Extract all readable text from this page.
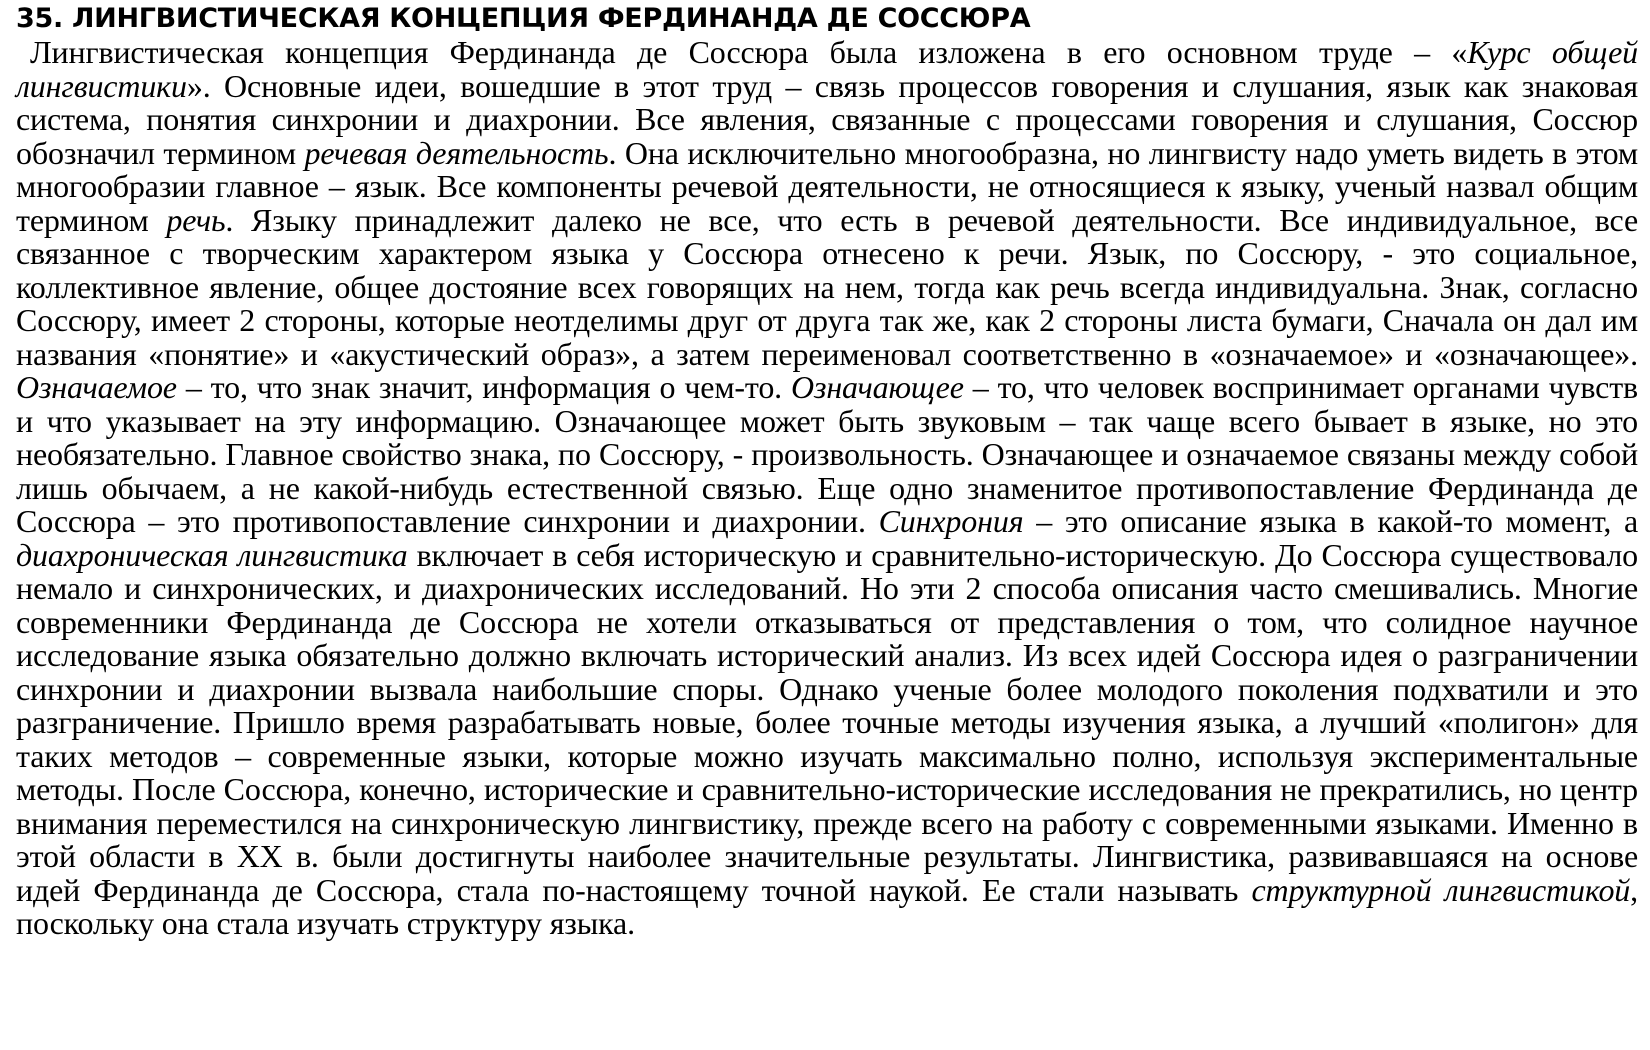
35. ЛИНГВИСТИЧЕСКАЯ КОНЦЕПЦИЯ ФЕРДИНАНДА ДЕ СОССЮРА

Лингвистическая концепция Фердинанда де Соссюра была изложена в его основном труде – «Курс общей лингвистики». Основные идеи, вошедшие в этот труд – связь процессов говорения и слушания, язык как знаковая система, понятия синхронии и диахронии. Все явления, связанные с процессами говорения и слушания, Соссюр обозначил термином речевая деятельность. Она исключительно многообразна, но лингвисту надо уметь видеть в этом многообразии главное – язык. Все компоненты речевой деятельности, не относящиеся к языку, ученый назвал общим термином речь. Языку принадлежит далеко не все, что есть в речевой деятельности. Все индивидуальное, все связанное с творческим характером языка у Соссюра отнесено к речи. Язык, по Соссюру, - это социальное, коллективное явление, общее достояние всех говорящих на нем, тогда как речь всегда индивидуальна. Знак, согласно Соссюру, имеет 2 стороны, которые неотделимы друг от друга так же, как 2 стороны листа бумаги, Сначала он дал им названия «понятие» и «акустический образ», а затем переименовал соответственно в «означаемое» и «означающее». Означаемое – то, что знак значит, информация о чем-то. Означающее – то, что человек воспринимает органами чувств и что указывает на эту информацию. Означающее может быть звуковым – так чаще всего бывает в языке, но это необязательно. Главное свойство знака, по Соссюру, - произвольность. Означающее и означаемое связаны между собой лишь обычаем, а не какой-нибудь естественной связью. Еще одно знаменитое противопоставление Фердинанда де Соссюра – это противопоставление синхронии и диахронии. Синхрония – это описание языка в какой-то момент, а диахроническая лингвистика включает в себя историческую и сравнительно-историческую. До Соссюра существовало немало и синхронических, и диахронических исследований. Но эти 2 способа описания часто смешивались. Многие современники Фердинанда де Соссюра не хотели отказываться от представления о том, что солидное научное исследование языка обязательно должно включать исторический анализ. Из всех идей Соссюра идея о разграничении синхронии и диахронии вызвала наибольшие споры. Однако ученые более молодого поколения подхватили и это разграничение. Пришло время разрабатывать новые, более точные методы изучения языка, а лучший «полигон» для таких методов – современные языки, которые можно изучать максимально полно, используя экспериментальные методы. После Соссюра, конечно, исторические и сравнительно-исторические исследования не прекратились, но центр внимания переместился на синхроническую лингвистику, прежде всего на работу с современными языками. Именно в этой области в XX в. были достигнуты наиболее значительные результаты. Лингвистика, развивавшаяся на основе идей Фердинанда де Соссюра, стала по-настоящему точной наукой. Ее стали называть структурной лингвистикой, поскольку она стала изучать структуру языка.
